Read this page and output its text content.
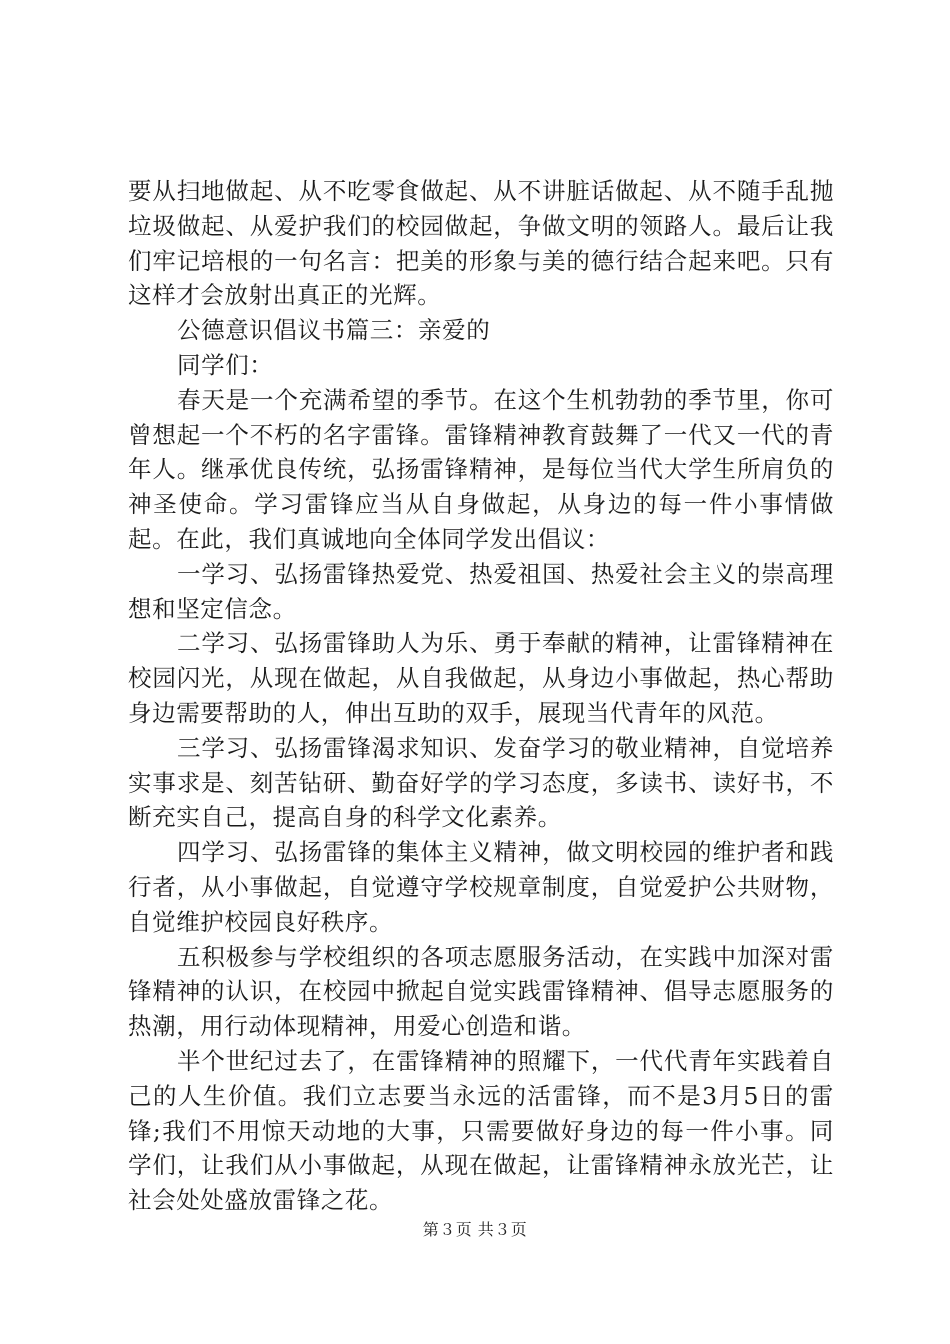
要从扫地做起、从不吃零食做起、从不讲脏话做起、从不随手乱抛垃圾做起、从爱护我们的校园做起，争做文明的领路人。最后让我们牢记培根的一句名言：把美的形象与美的德行结合起来吧。只有这样才会放射出真正的光辉。

公德意识倡议书篇三：亲爱的

同学们：

春天是一个充满希望的季节。在这个生机勃勃的季节里，你可曾想起一个不朽的名字雷锋。雷锋精神教育鼓舞了一代又一代的青年人。继承优良传统，弘扬雷锋精神，是每位当代大学生所肩负的神圣使命。学习雷锋应当从自身做起，从身边的每一件小事情做起。在此，我们真诚地向全体同学发出倡议：

一学习、弘扬雷锋热爱党、热爱祖国、热爱社会主义的崇高理想和坚定信念。

二学习、弘扬雷锋助人为乐、勇于奉献的精神，让雷锋精神在校园闪光，从现在做起，从自我做起，从身边小事做起，热心帮助身边需要帮助的人，伸出互助的双手，展现当代青年的风范。

三学习、弘扬雷锋渴求知识、发奋学习的敬业精神，自觉培养实事求是、刻苦钻研、勤奋好学的学习态度，多读书、读好书，不断充实自己，提高自身的科学文化素养。

四学习、弘扬雷锋的集体主义精神，做文明校园的维护者和践行者，从小事做起，自觉遵守学校规章制度，自觉爱护公共财物，自觉维护校园良好秩序。

五积极参与学校组织的各项志愿服务活动，在实践中加深对雷锋精神的认识，在校园中掀起自觉实践雷锋精神、倡导志愿服务的热潮，用行动体现精神，用爱心创造和谐。

半个世纪过去了，在雷锋精神的照耀下，一代代青年实践着自己的人生价值。我们立志要当永远的活雷锋，而不是3月5日的雷锋;我们不用惊天动地的大事，只需要做好身边的每一件小事。同学们，让我们从小事做起，从现在做起，让雷锋精神永放光芒，让社会处处盛放雷锋之花。

第３页 共３页
